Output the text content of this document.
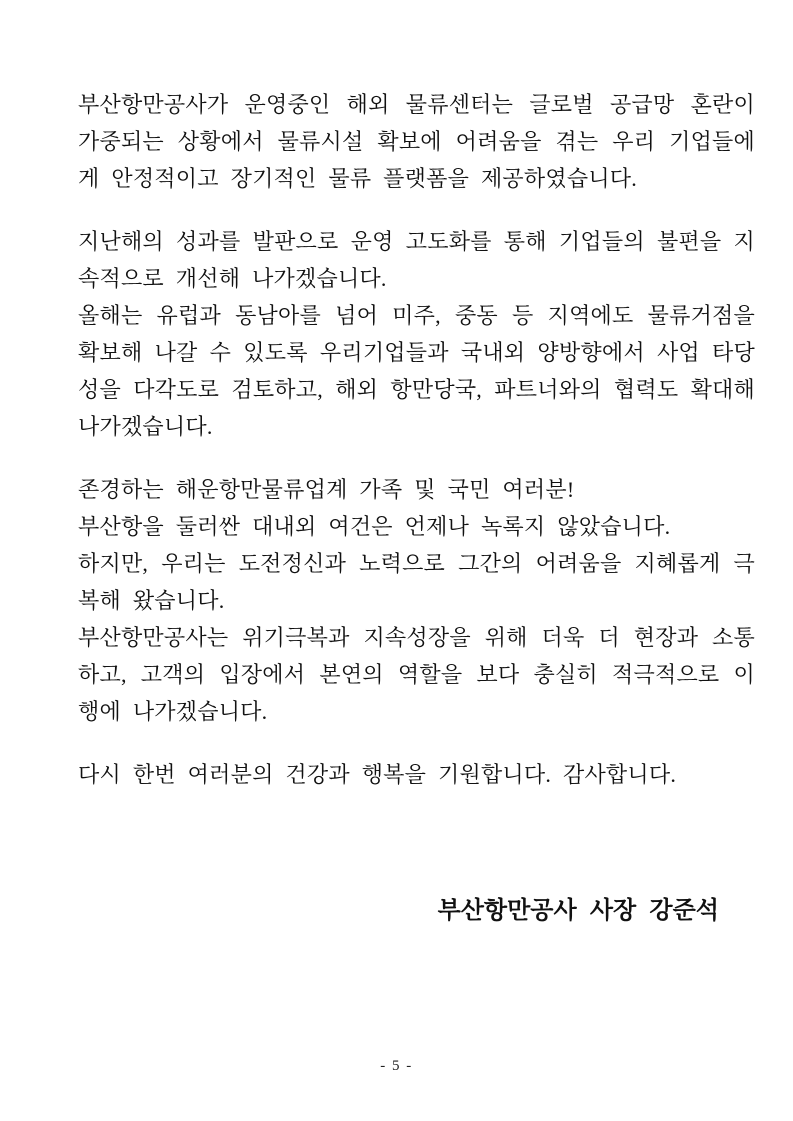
부산항만공사가 운영중인 해외 물류센터는 글로벌 공급망 혼란이 가중되는 상황에서 물류시설 확보에 어려움을 겪는 우리 기업들에게 안정적이고 장기적인 물류 플랫폼을 제공하였습니다.

지난해의 성과를 발판으로 운영 고도화를 통해 기업들의 불편을 지속적으로 개선해 나가겠습니다.

올해는 유럽과 동남아를 넘어 미주, 중동 등 지역에도 물류거점을 확보해 나갈 수 있도록 우리기업들과 국내외 양방향에서 사업 타당성을 다각도로 검토하고, 해외 항만당국, 파트너와의 협력도 확대해 나가겠습니다.

존경하는 해운항만물류업계 가족 및 국민 여러분!

부산항을 둘러싼 대내외 여건은 언제나 녹록지 않았습니다.

하지만, 우리는 도전정신과 노력으로 그간의 어려움을 지혜롭게 극복해 왔습니다.

부산항만공사는 위기극복과 지속성장을 위해 더욱 더 현장과 소통하고, 고객의 입장에서 본연의 역할을 보다 충실히 적극적으로 이행에 나가겠습니다.

다시 한번 여러분의 건강과 행복을 기원합니다. 감사합니다.

부산항만공사 사장 강준석
- 5 -
